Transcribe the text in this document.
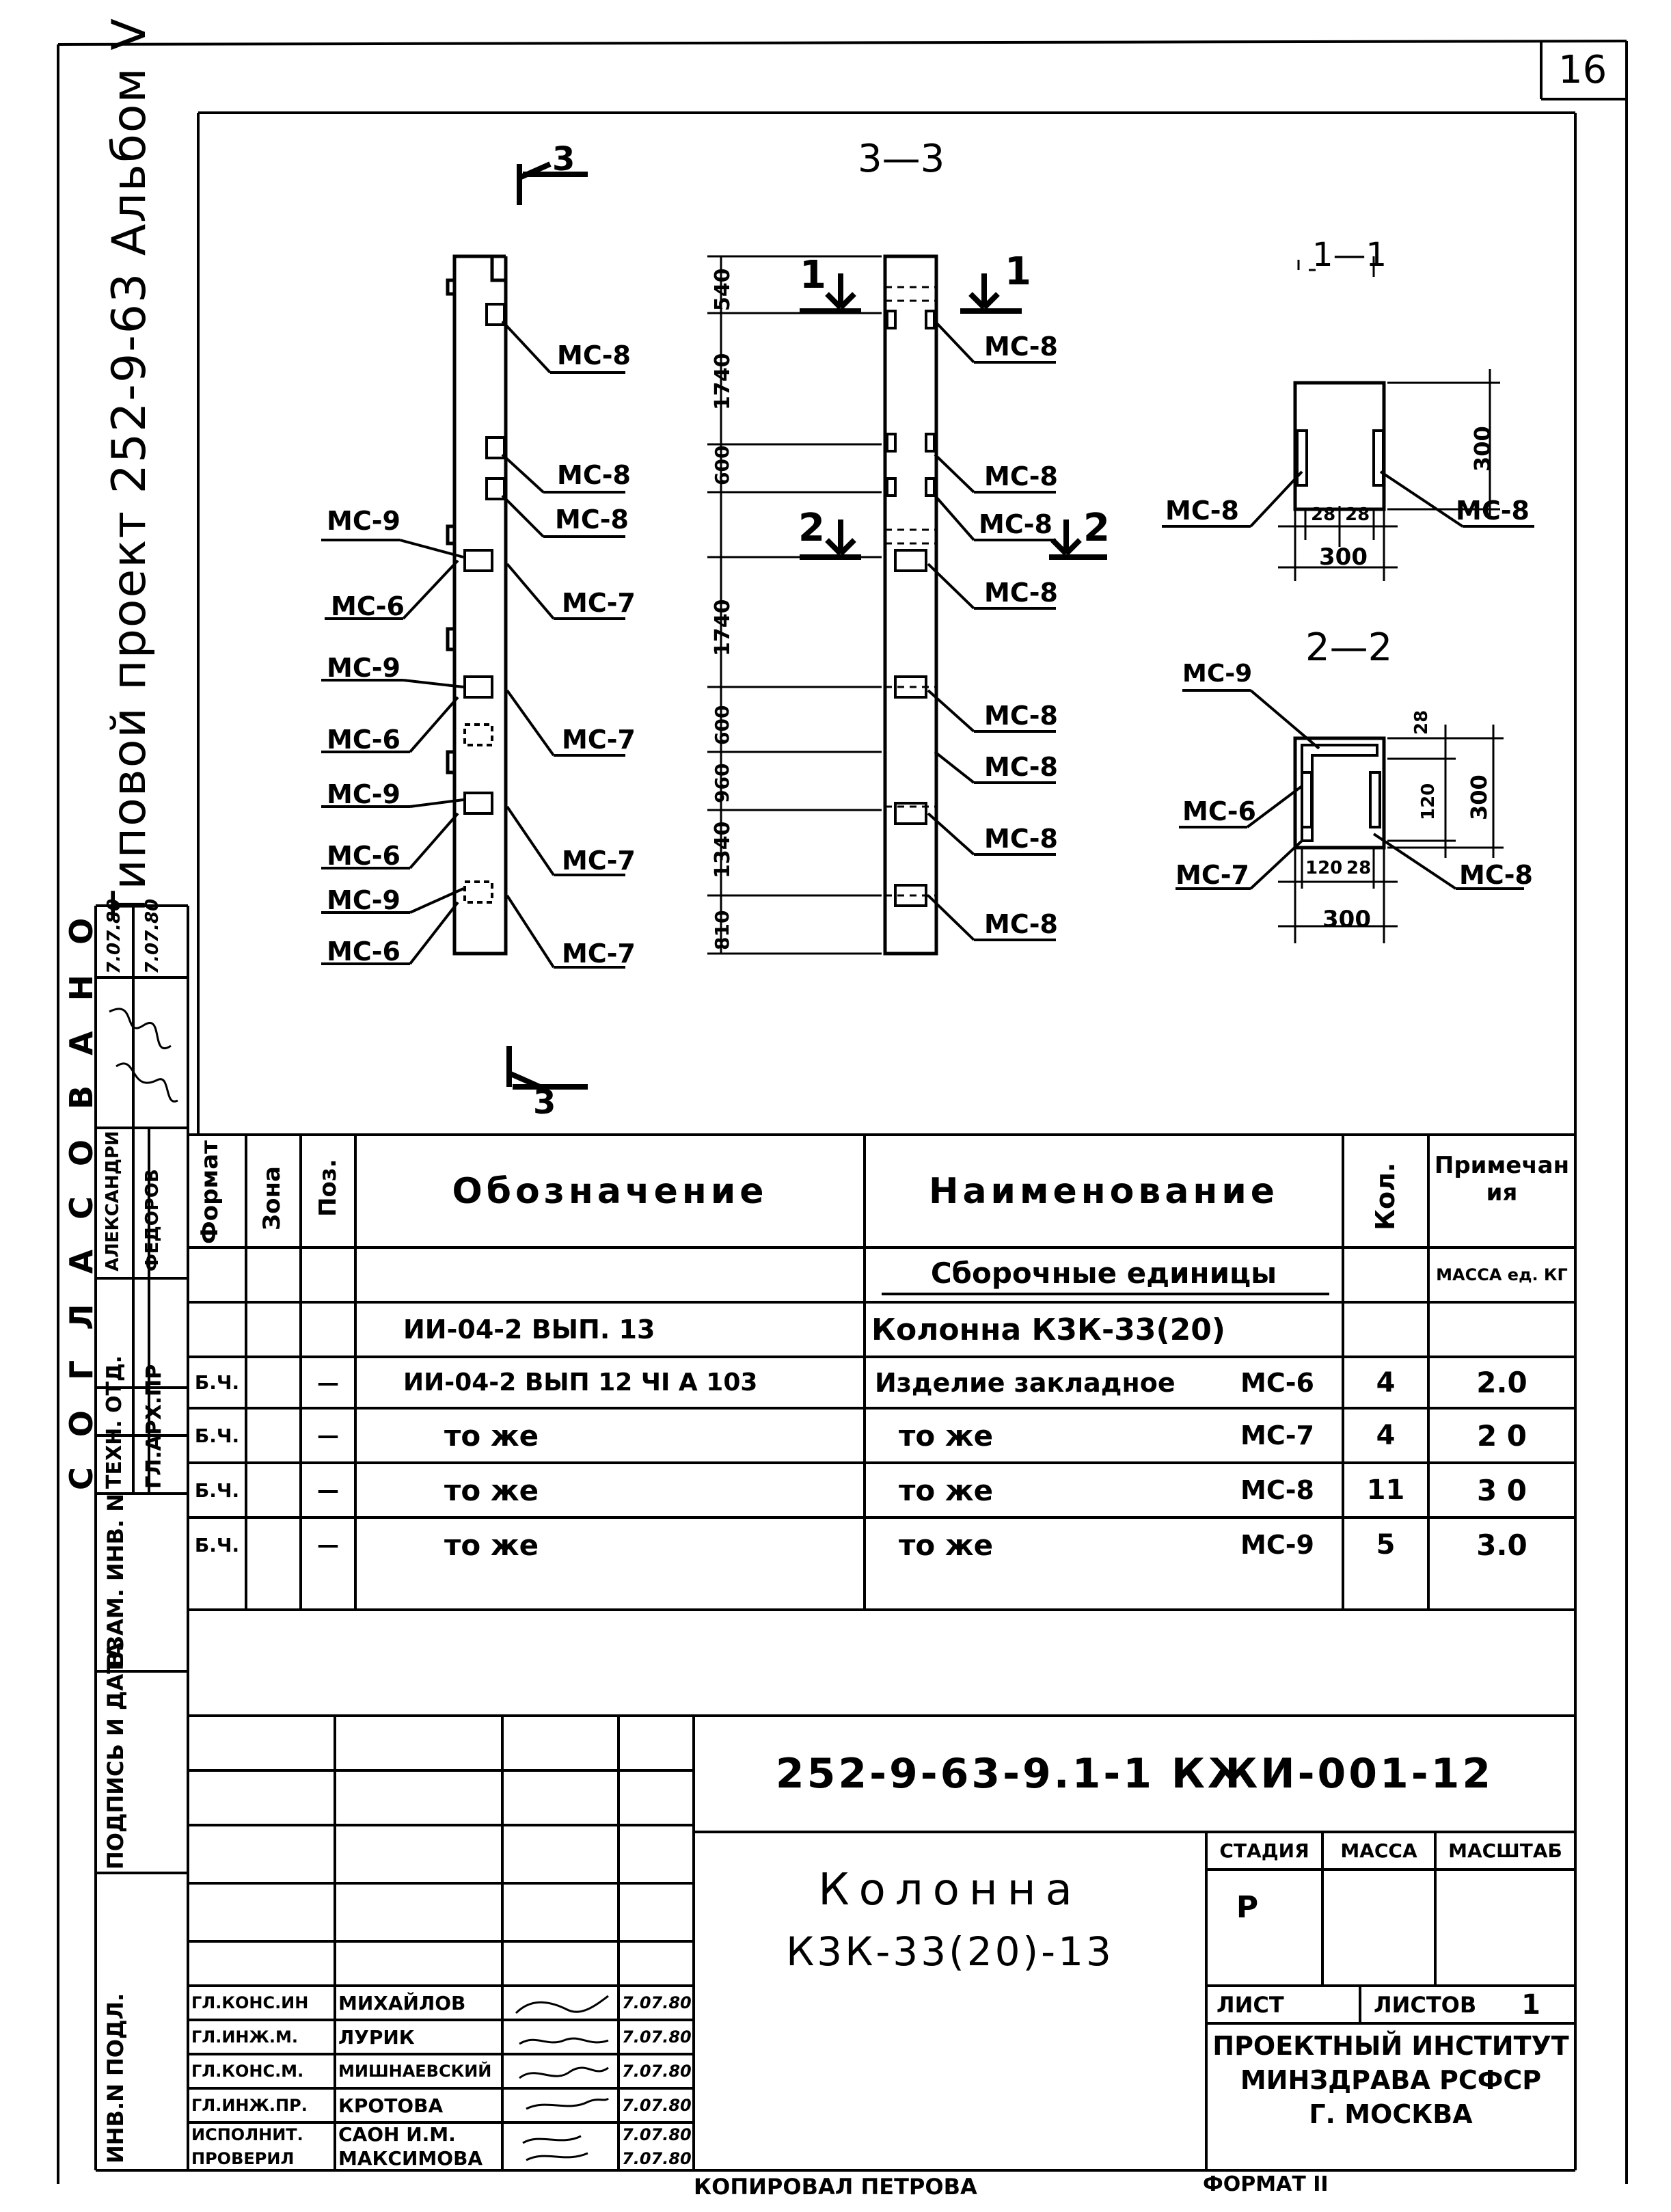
16
Типовой проект 252-9-63 Альбом V
С О Г Л А С О В А Н О ТЕХН. ОТД. ГЛ.АРХ.ПР
АЛЕКСАНДРИ ФЕДОРОВ
7.07.80 7.07.80
ИНВ.N ПОДЛ.
ПОДПИСЬ И ДАТА
ВЗАМ. ИНВ. N
3—3
1—1
2—2
3
3
1	1
2	2
МС-8
МС-8
МС-8
МС-7
МС-7
МС-7
МС-7
МС-9
МС-6
МС-9
МС-6
МС-9
МС-6
МС-9
МС-6
МС-8
МС-8
МС-8
МС-8
МС-8
МС-8
МС-8
МС-8
МС-8	МС-8
МС-9
МС-6
МС-7	МС-8
540
1740
600
1740
600
960
1340
810
300
28 28
300
28
120 300
120 28
300
Формат Зона Поз.	Обозначение	Наименование	Кол. Примечания
МАССА ед. КГ
Сборочные единицы
ИИ-04-2 ВЫП. 13	Колонна К3К-33(20)
Б.Ч.	—	ИИ-04-2 ВЫП 12 ЧI А 103	Изделие закладное	МС-6	4	2.0
Б.Ч.	—	то же	то же	МС-7	4	2 0
Б.Ч.	—	то же	то же	МС-8	11	3 0
Б.Ч.	—	то же	то же	МС-9	5	3.0
252-9-63-9.1-1 КЖИ-001-12
Колонна
К3К-33(20)-13
СТАДИЯ	МАССА	МАСШТАБ
Р
ЛИСТ	ЛИСТОВ	1
ПРОЕКТНЫЙ ИНСТИТУТ
МИНЗДРАВА РСФСР
Г. МОСКВА
ГЛ.КОНС.ИН	МИХАЙЛОВ	7.07.80
ГЛ.ИНЖ.М.	ЛУРИК	7.07.80
ГЛ.КОНС.М.	МИШНАЕВСКИЙ	7.07.80
ГЛ.ИНЖ.ПР.	КРОТОВА	7.07.80
ИСПОЛНИТ.	САОН И.М.	7.07.80
ПРОВЕРИЛ	МАКСИМОВА	7.07.80
КОПИРОВАЛ ПЕТРОВА	ФОРМАТ II
